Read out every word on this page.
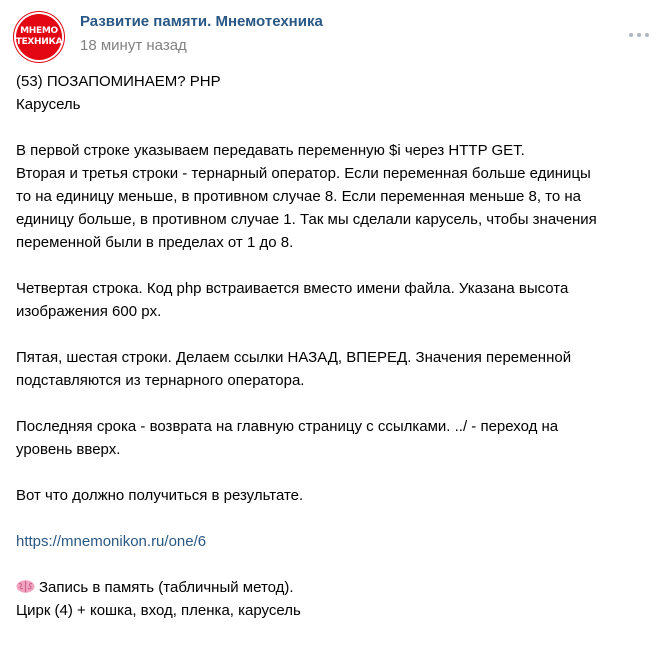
МНЕМО
ТЕХНИКА
Развитие памяти. Мнемотехника
18 минут назад

(53) ПОЗАПОМИНАЕМ? PHP
Карусель

В первой строке указываем передавать переменную $i через HTTP GET.
Вторая и третья строки - тернарный оператор. Если переменная больше единицы
то на единицу меньше, в противном случае 8. Если переменная меньше 8, то на
единицу больше, в противном случае 1. Так мы сделали карусель, чтобы значения
переменной были в пределах от 1 до 8.

Четвертая строка. Код php встраивается вместо имени файла. Указана высота
изображения 600 px.

Пятая, шестая строки. Делаем ссылки НАЗАД, ВПЕРЕД. Значения переменной
подставляются из тернарного оператора.

Последняя срока - возврата на главную страницу с ссылками. ../ - переход на
уровень вверх.

Вот что должно получиться в результате.

https://mnemonikon.ru/one/6

Запись в память (табличный метод).
Цирк (4) + кошка, вход, пленка, карусель
